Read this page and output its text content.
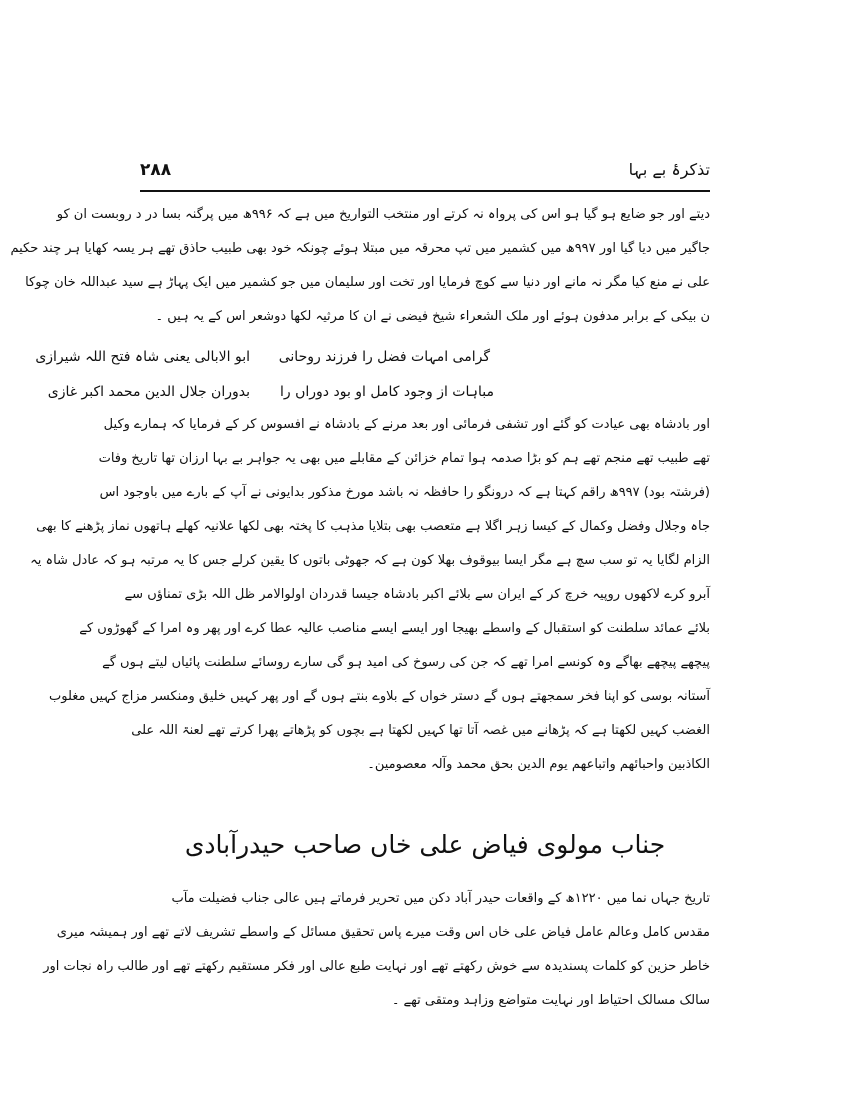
۲۸۸	تذکرۂ بے بہا
دیتے اور جو ضایع ہو گیا ہو اس کی پرواہ نہ کرتے اور منتخب التواریخ میں ہے کہ ۹۹۶ھ میں پرگنہ بسا در د روبست ان کو
جاگیر میں دیا گیا اور ۹۹۷ھ میں کشمیر میں تپ محرقہ میں مبتلا ہوئے چونکہ خود بھی طبیب حاذق تھے ہر یسہ کھایا ہر چند حکیم
علی نے منع کیا مگر نہ مانے اور دنیا سے کوچ فرمایا اور تخت اور سلیمان میں جو کشمیر میں ایک پہاڑ ہے سید عبداللہ خان چوکا
ن بیکی کے برابر مدفون ہوئے اور ملک الشعراء شیخ فیضی نے ان کا مرثیہ لکھا دوشعر اس کے یہ ہیں ۔
گرامی امہات فضل را فرزند روحانی
ابو الابالی یعنی شاہ فتح اللہ شیرازی
مباہات از وجود کامل او بود دوراں را
بدوران جلال الدین محمد اکبر غازی
اور بادشاہ بھی عیادت کو گئے اور تشفی فرمائی اور بعد مرنے کے بادشاہ نے افسوس کر کے فرمایا کہ ہمارے وکیل
تھے طبیب تھے منجم تھے ہم کو بڑا صدمہ ہوا تمام خزائن کے مقابلے میں بھی یہ جواہر بے بہا ارزان تھا تاریخ وفات
(فرشتہ بود) ۹۹۷ھ راقم کہتا ہے کہ درونگو را حافظہ نہ باشد مورخ مذکور بدایونی نے آپ کے بارے میں باوجود اس
جاہ وجلال وفضل وکمال کے کیسا زہر اگلا ہے متعصب بھی بتلایا مذہب کا پختہ بھی لکھا علانیہ کھلے ہاتھوں نماز پڑھنے کا بھی
الزام لگایا یہ تو سب سچ ہے مگر ایسا بیوقوف بھلا کون ہے کہ جھوٹی باتوں کا یقین کرلے جس کا یہ مرتبہ ہو کہ عادل شاہ یہ
آبرو کرے لاکھوں روپیہ خرچ کر کے ایران سے بلائے اکبر بادشاہ جیسا قدردان اولوالامر ظل اللہ بڑی تمناؤں سے
بلائے عمائد سلطنت کو استقبال کے واسطے بھیجا اور ایسے ایسے مناصب عالیہ عطا کرے اور پھر وہ امرا کے گھوڑوں کے
پیچھے پیچھے بھاگے وہ کونسے امرا تھے کہ جن کی رسوخ کی امید ہو گی سارے روسائے سلطنت پائیاں لیتے ہوں گے
آستانہ بوسی کو اپنا فخر سمجھتے ہوں گے دستر خواں کے بلاوے بنتے ہوں گے اور پھر کہیں خلیق ومنکسر مزاج کہیں مغلوب
الغضب کہیں لکھتا ہے کہ پڑھانے میں غصہ آتا تھا کہیں لکھتا ہے بچوں کو پڑھاتے پھرا کرتے تھے لعنۃ اللہ علی
الکاذبین واحبائھم واتباعھم یوم الدین بحق محمد وآلہ معصومین۔
جناب مولوی فیاض علی خاں صاحب حیدرآبادی
تاریخ جہاں نما میں ۱۲۲۰ھ کے واقعات حیدر آباد دکن میں تحریر فرماتے ہیں عالی جناب فضیلت مآب
مقدس کامل وعالم عامل فیاض علی خاں اس وقت میرے پاس تحقیق مسائل کے واسطے تشریف لاتے تھے اور ہمیشہ میری
خاطر حزین کو کلمات پسندیدہ سے خوش رکھتے تھے اور نہایت طبع عالی اور فکر مستقیم رکھتے تھے اور طالب راہ نجات اور
سالک مسالک احتیاط اور نہایت متواضع وزاہد ومتقی تھے ۔
